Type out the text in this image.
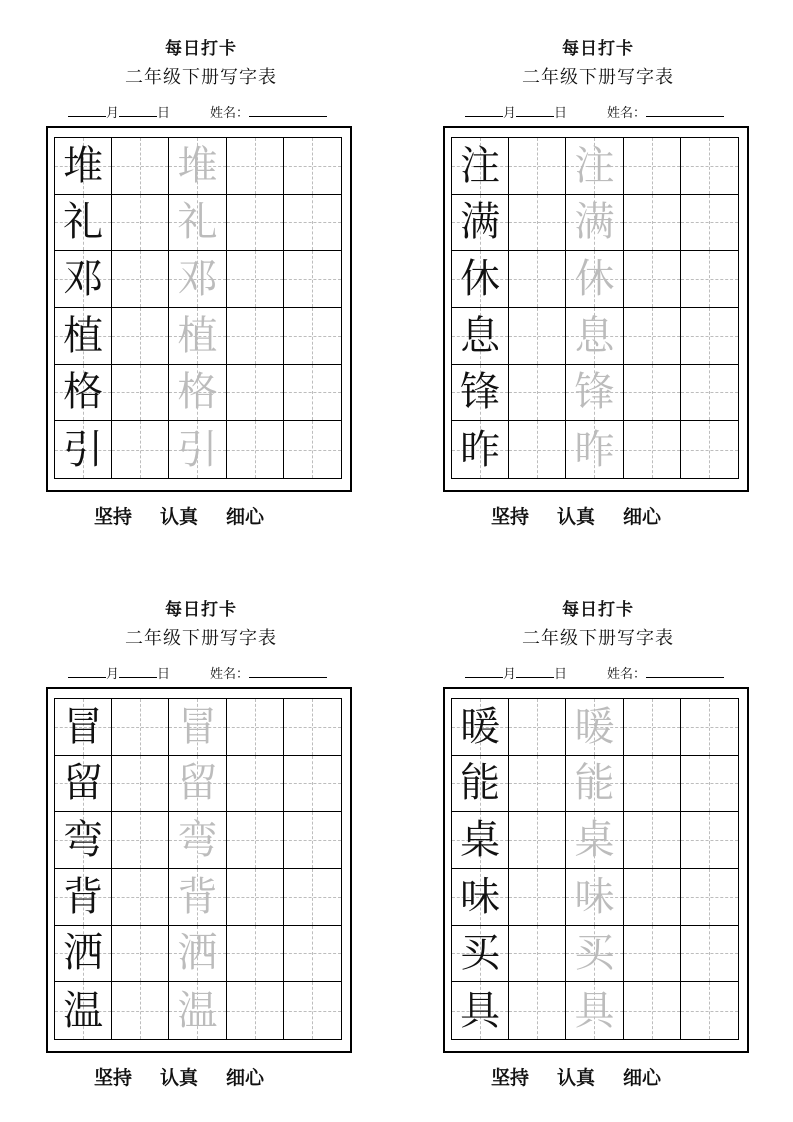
每日打卡
二年级下册写字表
月	日	姓名：
堆 堆
礼 礼
邓 邓
植 植
格 格
引 引
坚持 认真 细心
每日打卡
二年级下册写字表
月	日	姓名：
注 注
满 满
休 休
息 息
锋 锋
昨 昨
坚持 认真 细心
每日打卡
二年级下册写字表
月	日	姓名：
冒 冒
留 留
弯 弯
背 背
洒 洒
温 温
坚持 认真 细心
每日打卡
二年级下册写字表
月	日	姓名：
暖 暖
能 能
桌 桌
味 味
买 买
具 具
坚持 认真 细心
